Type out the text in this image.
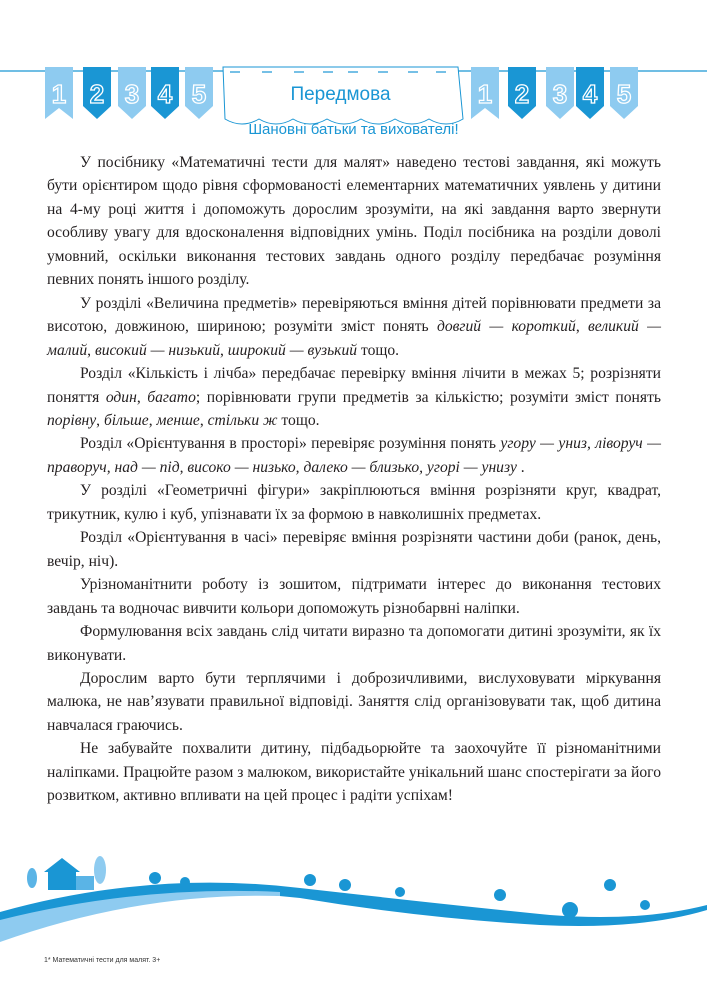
1 2 3 4 5	1 2 3 4 5
Передмова
Шановні батьки та вихователі!

У посібнику «Математичні тести для малят» наведено тестові завдання, які можуть бути орієнтиром щодо рівня сформованості елементарних математичних уявлень у дитини на 4-му році життя і допоможуть дорослим зрозуміти, на які завдання варто звернути особливу увагу для вдосконалення відповідних умінь. Поділ посібника на розділи доволі умовний, оскільки виконання тестових завдань одного розділу передбачає розуміння певних понять іншого розділу.

У розділі «Величина предметів» перевіряються вміння дітей порівнювати предмети за висотою, довжиною, шириною; розуміти зміст понять довгий — короткий, великий — малий, високий — низький, широкий — вузький тощо.

Розділ «Кількість і лічба» передбачає перевірку вміння лічити в межах 5; розрізняти поняття один, багато; порівнювати групи предметів за кількістю; розуміти зміст понять порівну, більше, менше, стільки ж тощо.

Розділ «Орієнтування в просторі» перевіряє розуміння понять угору — униз, ліворуч — праворуч, над — під, високо — низько, далеко — близько, угорі — унизу .

У розділі «Геометричні фігури» закріплюються вміння розрізняти круг, квадрат, трикутник, кулю і куб, упізнавати їх за формою в навколишніх предметах.

Розділ «Орієнтування в часі» перевіряє вміння розрізняти частини доби (ранок, день, вечір, ніч).

Урізноманітнити роботу із зошитом, підтримати інтерес до виконання тестових завдань та водночас вивчити кольори допоможуть різнобарвні наліпки.

Формулювання всіх завдань слід читати виразно та допомогати дитині зрозуміти, як їх виконувати.

Дорослим варто бути терплячими і доброзичливими, вислуховувати міркування малюка, не нав’язувати правильної відповіді. Заняття слід організовувати так, щоб дитина навчалася граючись.

Не забувайте похвалити дитину, підбадьорюйте та заохочуйте її різноманітними наліпками. Працюйте разом з малюком, використайте унікальний шанс спостерігати за його розвитком, активно впливати на цей процес і радіти успіхам!

1* Математичні тести для малят. 3+
